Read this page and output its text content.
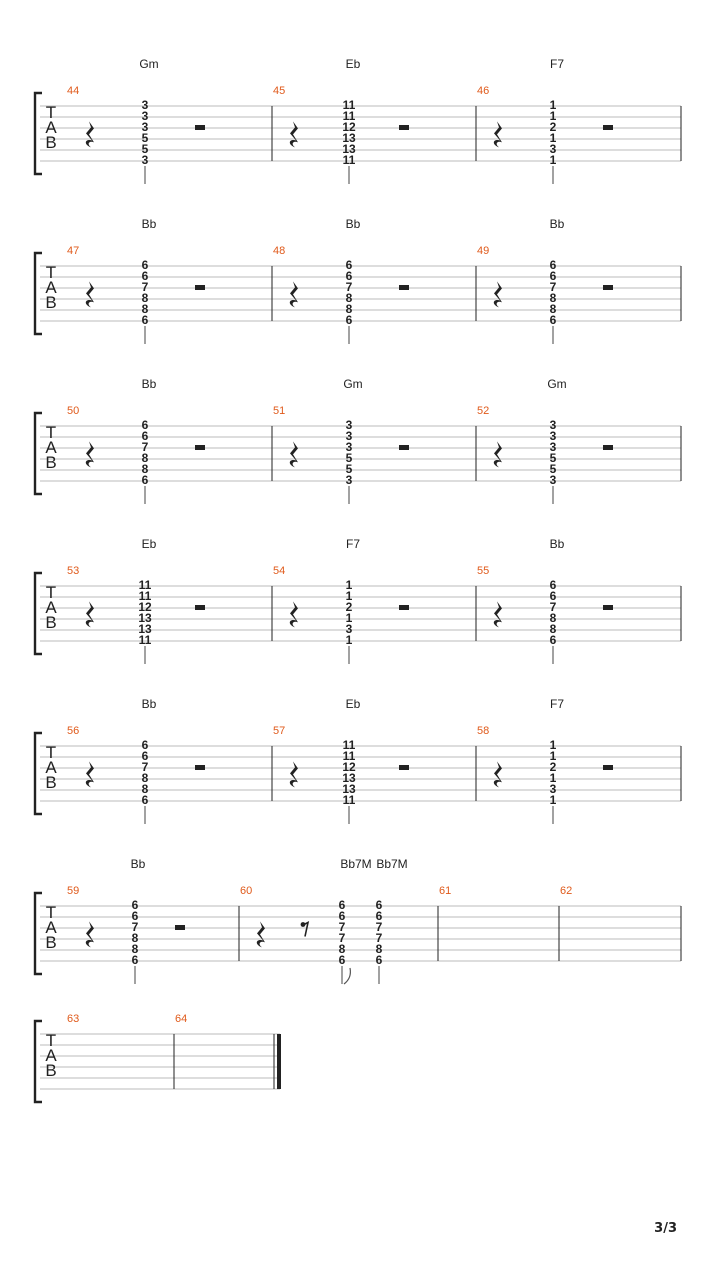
T
A
B
44
Gm
3
3
3
5
5
3
45
Eb
11
11
12
13
13
11
46
F7
1
1
2
1
3
1
T
A
B
47
Bb
6
6
7
8
8
6
48
Bb
6
6
7
8
8
6
49
Bb
6
6
7
8
8
6
T
A
B
50
Bb
6
6
7
8
8
6
51
Gm
3
3
3
5
5
3
52
Gm
3
3
3
5
5
3
T
A
B
53
Eb
11
11
12
13
13
11
54
F7
1
1
2
1
3
1
55
Bb
6
6
7
8
8
6
T
A
B
56
Bb
6
6
7
8
8
6
57
Eb
11
11
12
13
13
11
58
F7
1
1
2
1
3
1
T
A
B
59
Bb
6
6
7
8
8
6
60
Bb7M Bb7M
6
6
7
7
8
6
6
6
7
7
8
6
61	62
T
A
B
63	64
3/3
